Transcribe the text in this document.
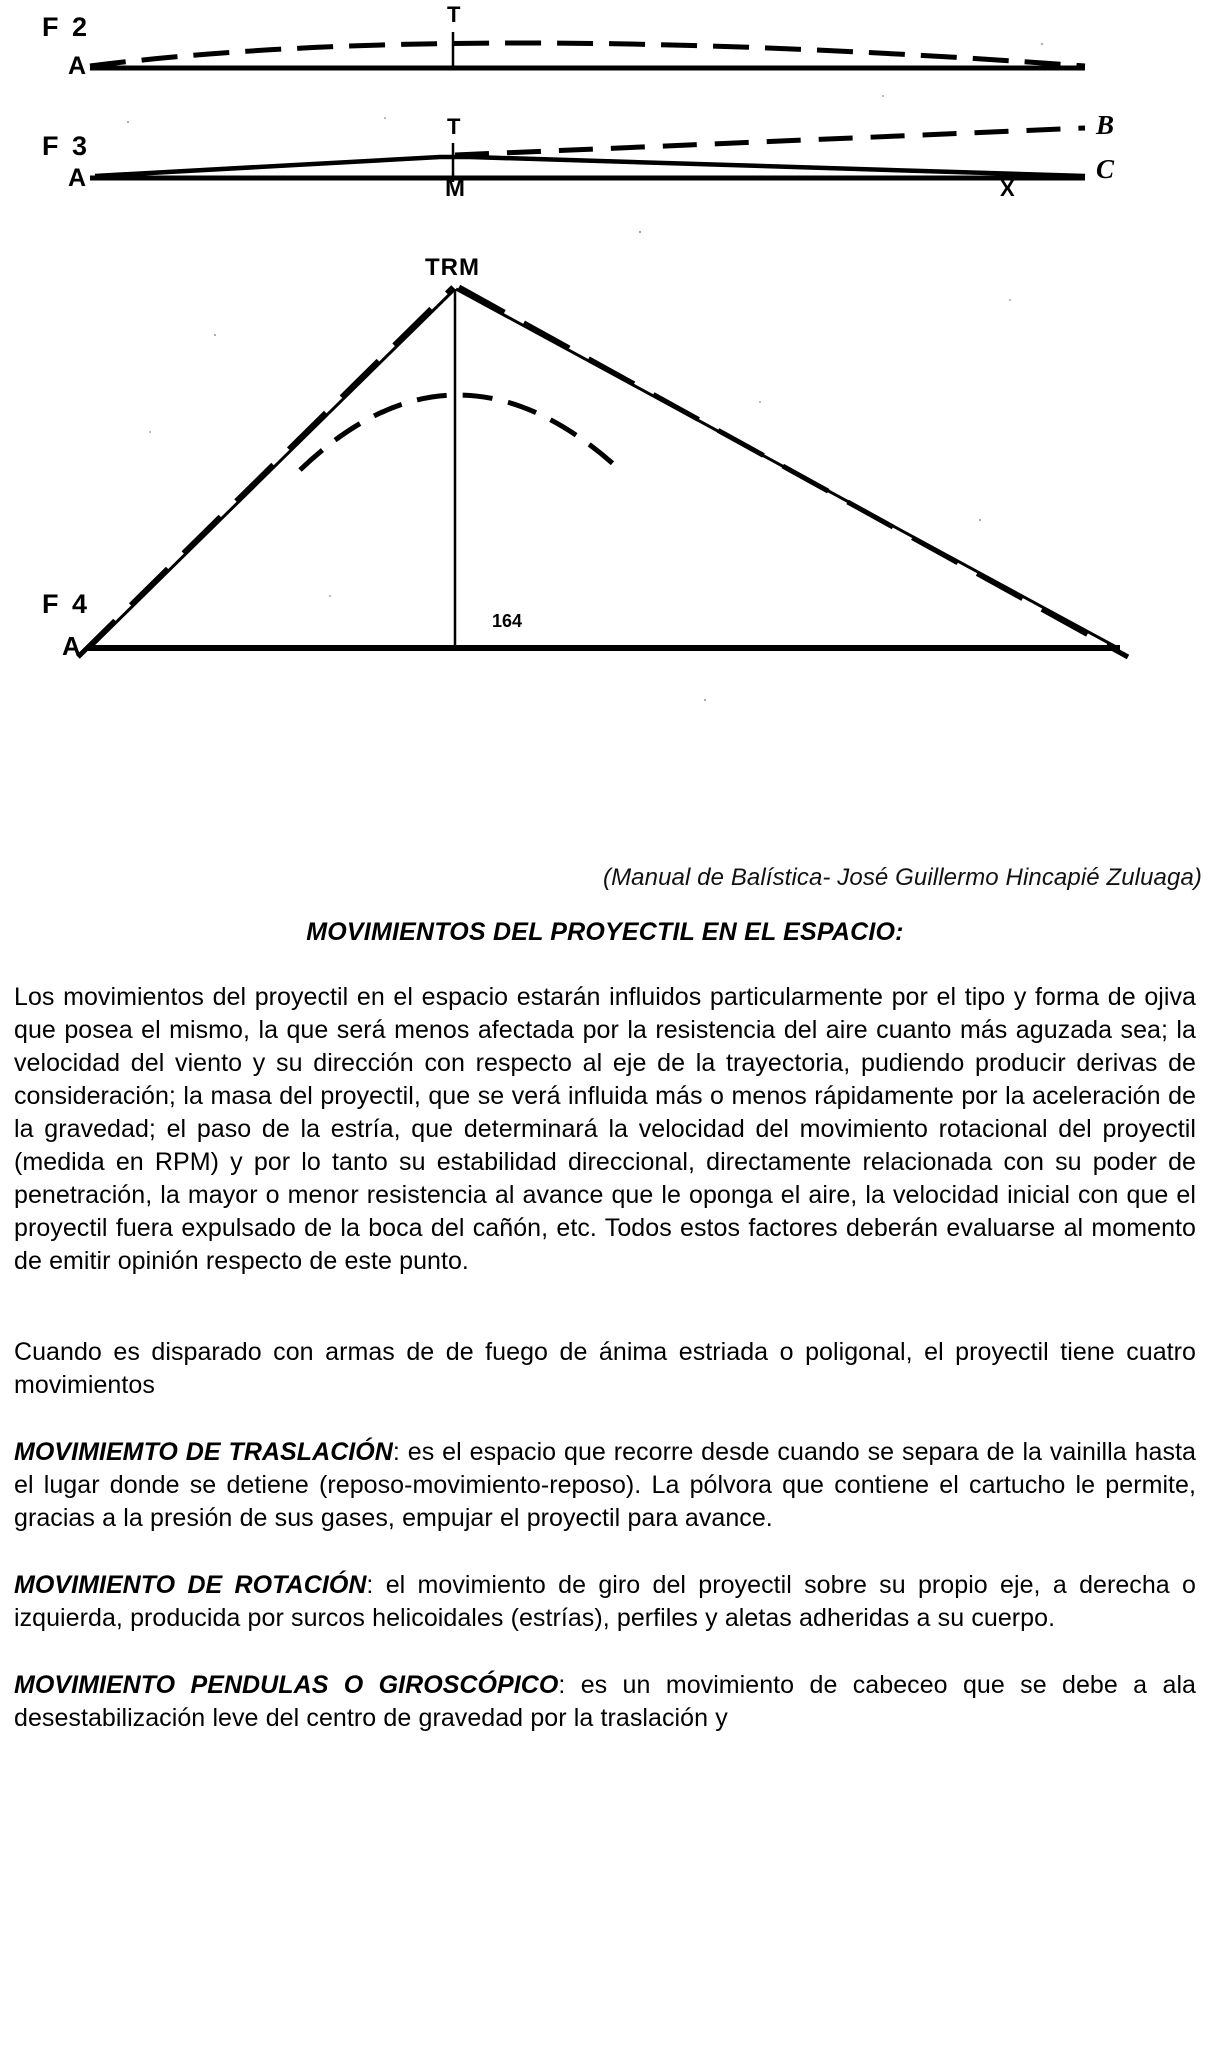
F 2
A
T
F 3
A
T
M
B
C
X
F 4
A
TRM
164
(Manual de Balística- José Guillermo Hincapié Zuluaga)
MOVIMIENTOS DEL PROYECTIL EN EL ESPACIO:

Los movimientos del proyectil en el espacio estarán influidos particularmente por el tipo y forma de ojiva que posea el mismo, la que será menos afectada por la resistencia del aire cuanto más aguzada sea; la velocidad del viento y su dirección con respecto al eje de la trayectoria, pudiendo producir derivas de consideración; la masa del proyectil, que se verá influida más o menos rápidamente por la aceleración de la gravedad; el paso de la estría, que determinará la velocidad del movimiento rotacional del proyectil (medida en RPM) y por lo tanto su estabilidad direccional, directamente relacionada con su poder de penetración, la mayor o menor resistencia al avance que le oponga el aire, la velocidad inicial con que el proyectil fuera expulsado de la boca del cañón, etc. Todos estos factores deberán evaluarse al momento de emitir opinión respecto de este punto.

Cuando es disparado con armas de de fuego de ánima estriada o poligonal, el proyectil tiene cuatro movimientos

MOVIMIEMTO DE TRASLACIÓN: es el espacio que recorre desde cuando se separa de la vainilla hasta el lugar donde se detiene (reposo-movimiento-reposo). La pólvora que contiene el cartucho le permite, gracias a la presión de sus gases, empujar el proyectil para avance.

MOVIMIENTO DE ROTACIÓN: el movimiento de giro del proyectil sobre su propio eje, a derecha o izquierda, producida por surcos helicoidales (estrías), perfiles y aletas adheridas a su cuerpo.

MOVIMIENTO PENDULAS O GIROSCÓPICO: es un movimiento de cabeceo que se debe a ala desestabilización leve del centro de gravedad por la traslación y
